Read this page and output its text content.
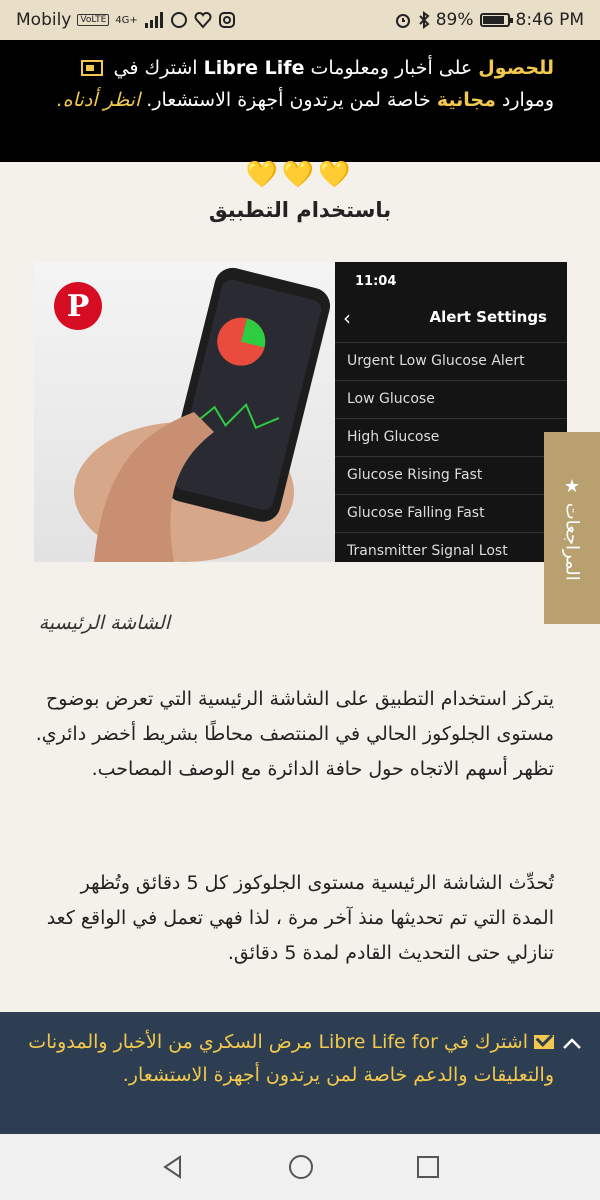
Mobily	VoLTE 4G+	89% 8:46 PM
للحصول على أخبار ومعلومات Libre Life اشترك في  وموارد مجانية خاصة لمن يرتدون أجهزة الاستشعار. انظر أدناه.
💛💛💛
باستخدام التطبيق
P
11:04
‹	Alert Settings
Urgent Low Glucose Alert
Low Glucose
High Glucose
Glucose Rising Fast
Glucose Falling Fast
Transmitter Signal Lost
الشاشة الرئيسية
يتركز استخدام التطبيق على الشاشة الرئيسية التي تعرض بوضوح مستوى الجلوكوز الحالي في المنتصف محاطًا بشريط أخضر دائري. تظهر أسهم الاتجاه حول حافة الدائرة مع الوصف المصاحب.
تُحدِّث الشاشة الرئيسية مستوى الجلوكوز كل 5 دقائق وتُظهر المدة التي تم تحديثها منذ آخر مرة ، لذا فهي تعمل في الواقع كعد تنازلي حتى التحديث القادم لمدة 5 دقائق.
المراجعات ★
اشترك في Libre Life for مرض السكري من الأخبار والمدونات والتعليقات والدعم خاصة لمن يرتدون أجهزة الاستشعار.
